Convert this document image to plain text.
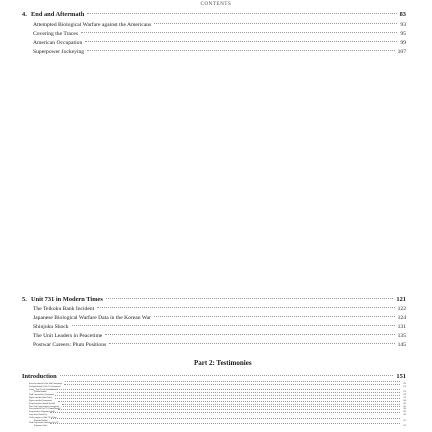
CONTENTS
4. End and Aftermath	83
Attempted Biological Warfare against the Americans	93
Covering the Traces	95
American Occupation	99
Superpower Jockeying	107
5. Unit 731 in Modern Times	121
The Teikoku Bank Incident	122
Japanese Biological Warfare Data in the Korean War	124
Shinjuku Shock	131
The Unit Leaders in Peacetime	135
Postwar Careers: Plum Positions	145
Part 2: Testimonies
Introduction	151
Researcher attached to Unit 1644 (Anonymous)	154
Virologist attached to Unit 731 (Anonymous)	156
Lecture, "Unit 731 and Comfort Women"
(Nishino Rumiko)	165
Youth Corps member (Anonymous)	169
Hygiene specialist (Wano Takeo)	176
Hygiene specialist (Anonymous)	180
Kenpeitai member (Iwasaki Ken'ichi)	185
Three Youth Corps members (Anonymous)	191
Nurse attached to Unit 731 (Akama Masako)	200
Kenpeitai officer (Nagamura Setsuji)	202
Army doctor (Yuasa Ken)	206
Civilian employee of Unit 731 in Tokyo
(Ishihashi Naokata)	215
Youth Corps member attached to Unit 731
(Ogasawara Akira)	219
